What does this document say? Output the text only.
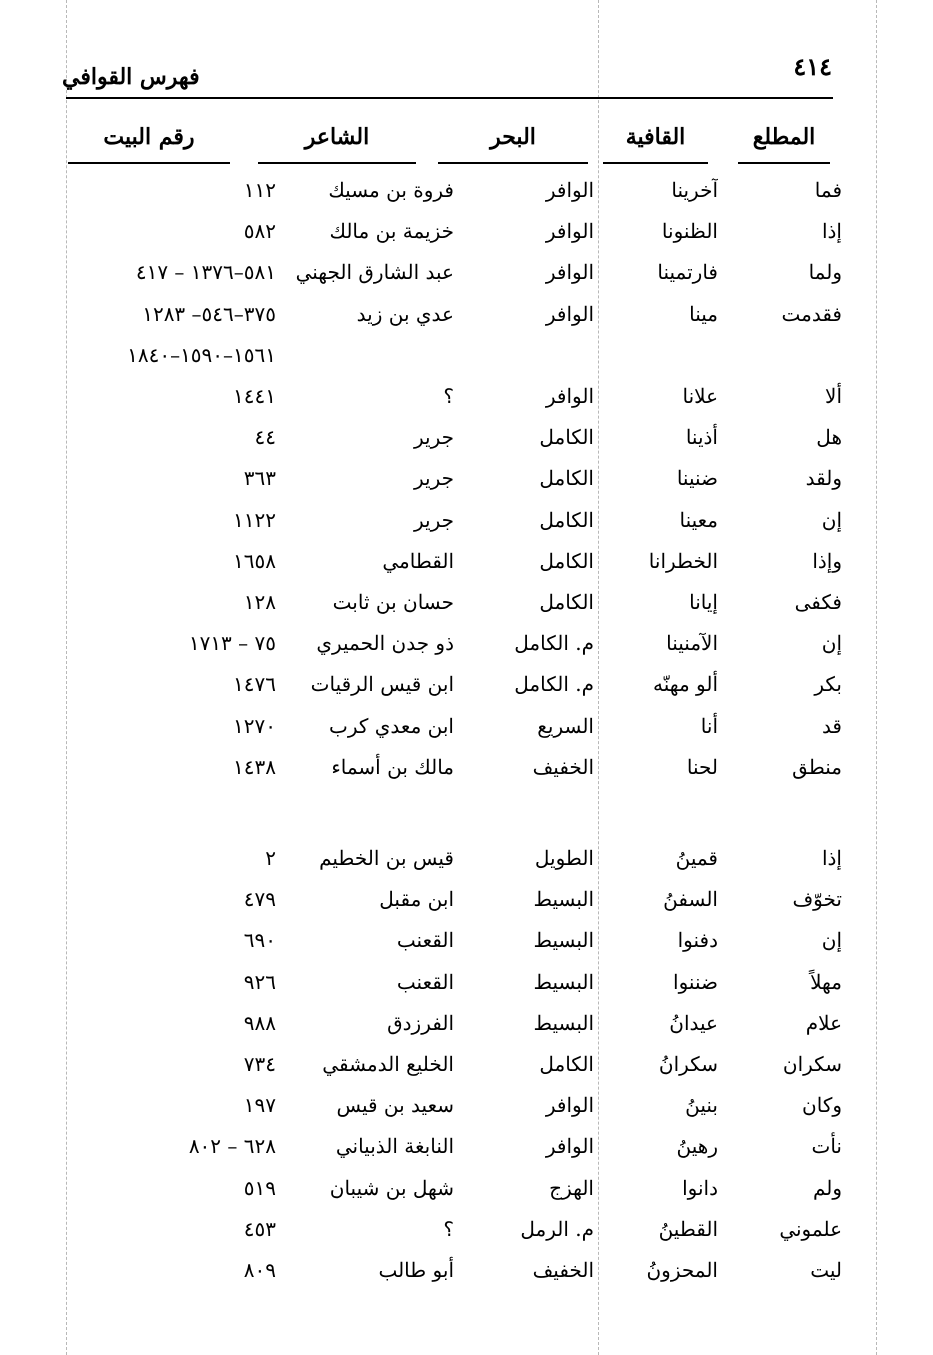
٤١٤
فهرس القوافي
المطلع
القافية
البحر
الشاعر
رقم البيت
فما
آخرينا
الوافر
فروة بن مسيك
١١٢
إذا
الظنونا
الوافر
خزيمة بن مالك
٥٨٢
ولما
فارتمينا
الوافر
عبد الشارق الجهني
٥٨١–١٣٧٦ – ٤١٧
فقدمت
مينا
الوافر
عدي بن زيد
٣٧٥–٥٤٦– ١٢٨٣
١٥٦١–١٥٩٠–١٨٤٠
ألا
علانا
الوافر
؟
١٤٤١
هل
أذينا
الكامل
جرير
٤٤
ولقد
ضنينا
الكامل
جرير
٣٦٣
إن
معينا
الكامل
جرير
١١٢٢
وإذا
الخطرانا
الكامل
القطامي
١٦٥٨
فكفى
إيانا
الكامل
حسان بن ثابت
١٢٨
إن
الآمنينا
م. الكامل
ذو جدن الحميري
٧٥ – ١٧١٣
بكر
ألو مهنّه
م. الكامل
ابن قيس الرقيات
١٤٧٦
قد
أنا
السريع
ابن معدي كرب
١٢٧٠
منطق
لحنا
الخفيف
مالك بن أسماء
١٤٣٨
إذا
قمينُ
الطويل
قيس بن الخطيم
٢
تخوّف
السفنُ
البسيط
ابن مقبل
٤٧٩
إن
دفنوا
البسيط
القعنب
٦٩٠
مهلاً
ضننوا
البسيط
القعنب
٩٢٦
علام
عيدانُ
البسيط
الفرزدق
٩٨٨
سكران
سكرانُ
الكامل
الخليع الدمشقي
٧٣٤
وكان
بنينُ
الوافر
سعيد بن قيس
١٩٧
نأت
رهينُ
الوافر
النابغة الذبياني
٦٢٨ – ٨٠٢
ولم
دانوا
الهزج
شهل بن شيبان
٥١٩
علموني
القطينُ
م. الرمل
؟
٤٥٣
ليت
المحزونُ
الخفيف
أبو طالب
٨٠٩
